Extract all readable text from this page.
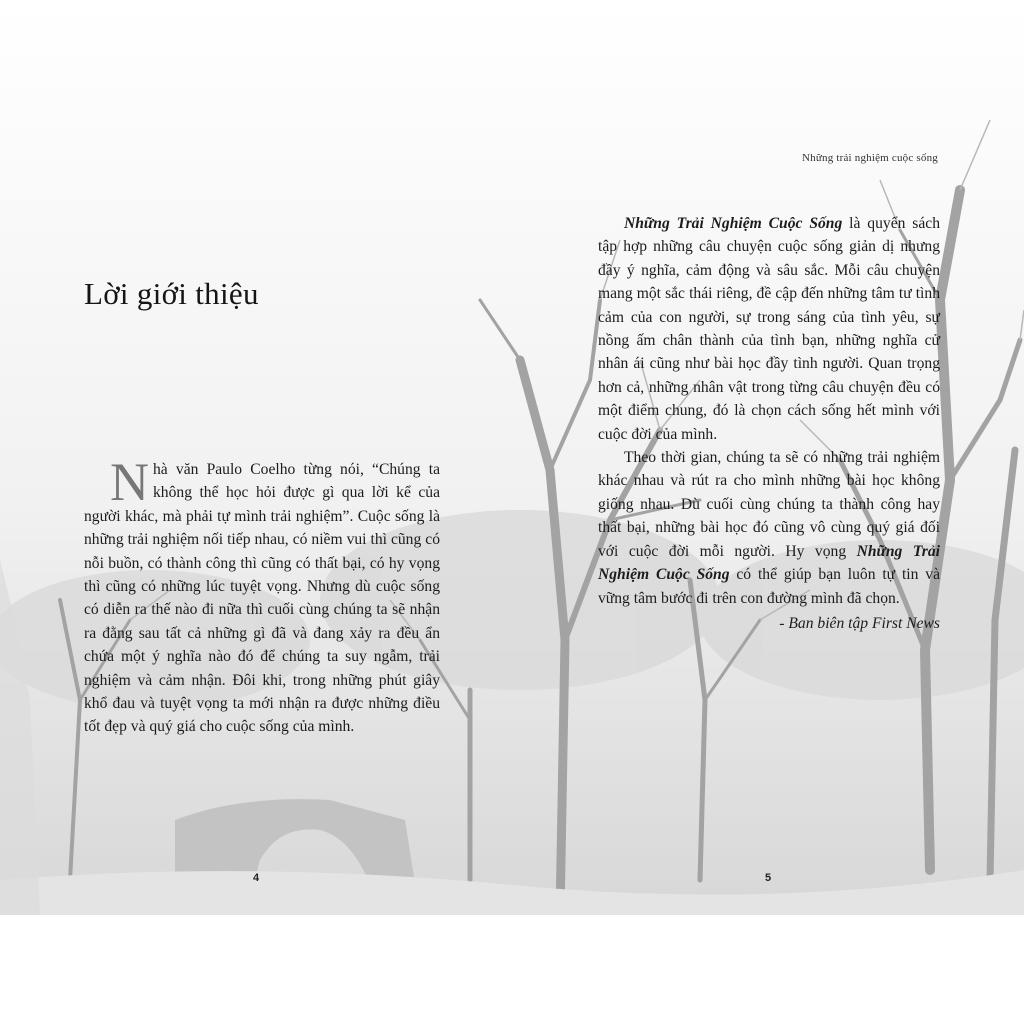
Những trải nghiệm cuộc sống
Lời giới thiệu

Nhà văn Paulo Coelho từng nói, “Chúng ta không thể học hỏi được gì qua lời kể của người khác, mà phải tự mình trải nghiệm”. Cuộc sống là những trải nghiệm nối tiếp nhau, có niềm vui thì cũng có nỗi buồn, có thành công thì cũng có thất bại, có hy vọng thì cũng có những lúc tuyệt vọng. Nhưng dù cuộc sống có diễn ra thế nào đi nữa thì cuối cùng chúng ta sẽ nhận ra đằng sau tất cả những gì đã và đang xảy ra đều ẩn chứa một ý nghĩa nào đó để chúng ta suy ngẫm, trải nghiệm và cảm nhận. Đôi khi, trong những phút giây khổ đau và tuyệt vọng ta mới nhận ra được những điều tốt đẹp và quý giá cho cuộc sống của mình.

Những Trải Nghiệm Cuộc Sống là quyển sách tập hợp những câu chuyện cuộc sống giản dị nhưng đầy ý nghĩa, cảm động và sâu sắc. Mỗi câu chuyện mang một sắc thái riêng, đề cập đến những tâm tư tình cảm của con người, sự trong sáng của tình yêu, sự nồng ấm chân thành của tình bạn, những nghĩa cử nhân ái cũng như bài học đầy tình người. Quan trọng hơn cả, những nhân vật trong từng câu chuyện đều có một điểm chung, đó là chọn cách sống hết mình với cuộc đời của mình.

Theo thời gian, chúng ta sẽ có những trải nghiệm khác nhau và rút ra cho mình những bài học không giống nhau. Dù cuối cùng chúng ta thành công hay thất bại, những bài học đó cũng vô cùng quý giá đối với cuộc đời mỗi người. Hy vọng Những Trải Nghiệm Cuộc Sống có thể giúp bạn luôn tự tin và vững tâm bước đi trên con đường mình đã chọn.

- Ban biên tập First News

4	5
